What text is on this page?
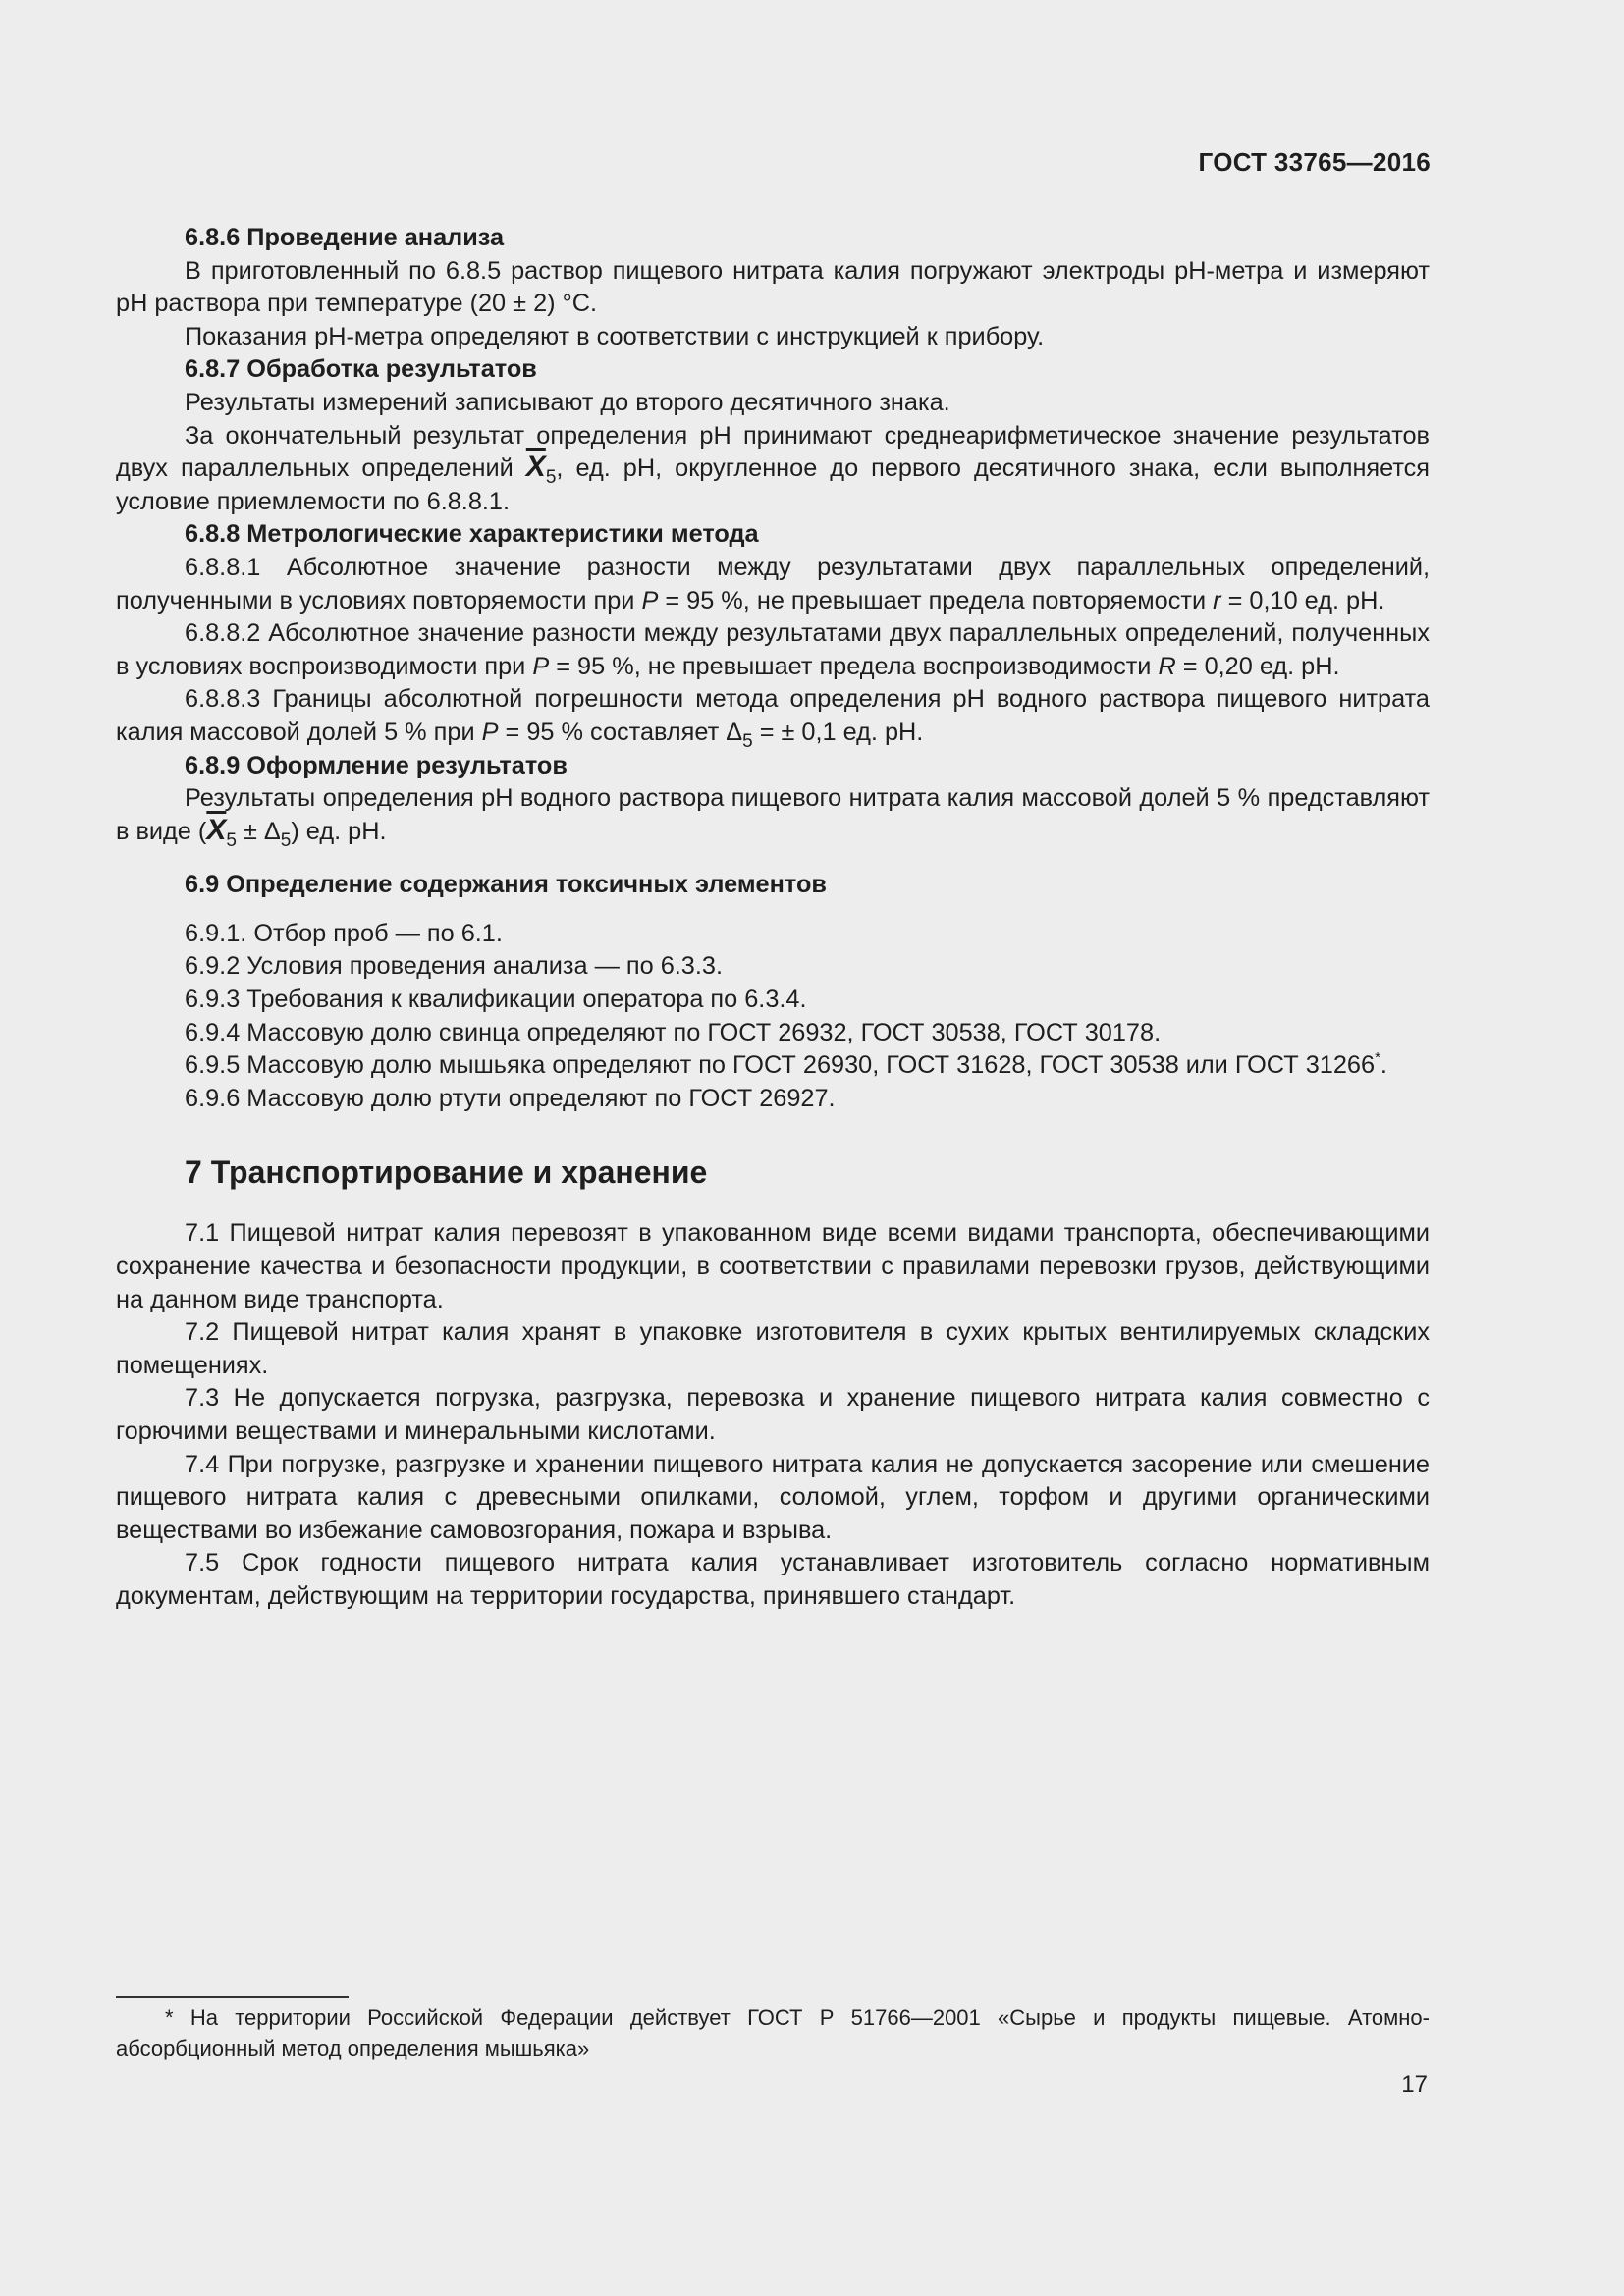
ГОСТ 33765—2016

6.8.6 Проведение анализа

В приготовленный по 6.8.5 раствор пищевого нитрата калия погружают электроды pH-метра и измеряют pH раствора при температуре (20 ± 2) °С.

Показания pH-метра определяют в соответствии с инструкцией к прибору.

6.8.7 Обработка результатов

Результаты измерений записывают до второго десятичного знака.

За окончательный результат определения pH принимают среднеарифметическое значение результатов двух параллельных определений $\overline{X}_5$, ед. pH, округленное до первого десятичного знака, если выполняется условие приемлемости по 6.8.8.1.

6.8.8 Метрологические характеристики метода

6.8.8.1 Абсолютное значение разности между результатами двух параллельных определений, полученными в условиях повторяемости при P = 95 %, не превышает предела повторяемости r = 0,10 ед. pH.

6.8.8.2 Абсолютное значение разности между результатами двух параллельных определений, полученных в условиях воспроизводимости при P = 95 %, не превышает предела воспроизводимости R = 0,20 ед. pH.

6.8.8.3 Границы абсолютной погрешности метода определения pH водного раствора пищевого нитрата калия массовой долей 5 % при P = 95 % составляет $\Delta_5$ = ± 0,1 ед. pH.

6.8.9 Оформление результатов

Результаты определения pH водного раствора пищевого нитрата калия массовой долей 5 % представляют в виде $(\overline{X}_5 \pm \Delta_5)$ ед. pH.

6.9 Определение содержания токсичных элементов

6.9.1. Отбор проб — по 6.1.

6.9.2 Условия проведения анализа — по 6.3.3.

6.9.3 Требования к квалификации оператора по 6.3.4.

6.9.4 Массовую долю свинца определяют по ГОСТ 26932, ГОСТ 30538, ГОСТ 30178.

6.9.5 Массовую долю мышьяка определяют по ГОСТ 26930, ГОСТ 31628, ГОСТ 30538 или ГОСТ 31266*.

6.9.6 Массовую долю ртути определяют по ГОСТ 26927.

7 Транспортирование и хранение

7.1 Пищевой нитрат калия перевозят в упакованном виде всеми видами транспорта, обеспечивающими сохранение качества и безопасности продукции, в соответствии с правилами перевозки грузов, действующими на данном виде транспорта.

7.2 Пищевой нитрат калия хранят в упаковке изготовителя в сухих крытых вентилируемых складских помещениях.

7.3 Не допускается погрузка, разгрузка, перевозка и хранение пищевого нитрата калия совместно с горючими веществами и минеральными кислотами.

7.4 При погрузке, разгрузке и хранении пищевого нитрата калия не допускается засорение или смешение пищевого нитрата калия с древесными опилками, соломой, углем, торфом и другими органическими веществами во избежание самовозгорания, пожара и взрыва.

7.5 Срок годности пищевого нитрата калия устанавливает изготовитель согласно нормативным документам, действующим на территории государства, принявшего стандарт.

* На территории Российской Федерации действует ГОСТ Р 51766—2001 «Сырье и продукты пищевые. Атомно-абсорбционный метод определения мышьяка»

17
